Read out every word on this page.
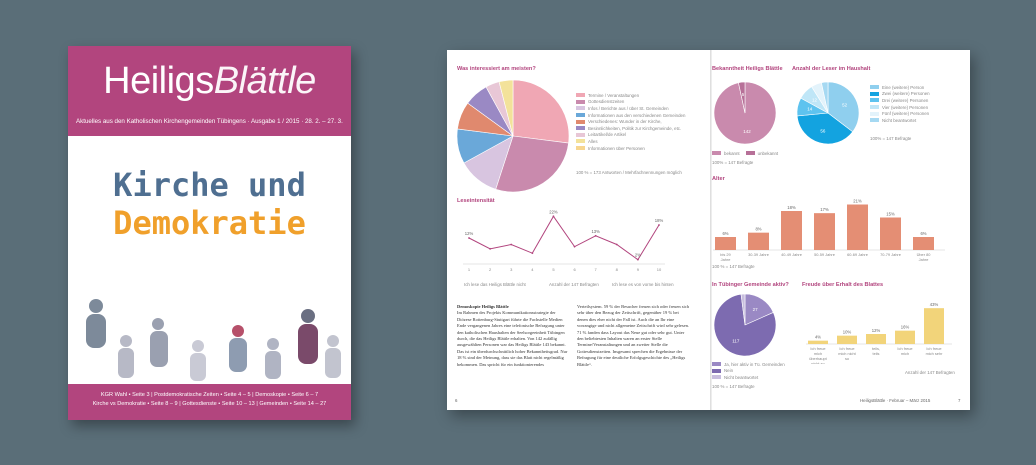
HeiligsBlättle
Aktuelles aus den Katholischen Kirchengemeinden Tübingens · Ausgabe 1 / 2015 · 28. 2. – 27. 3.
Kirche und
Demokratie
KGR Wahl • Seite 3 | Postdemokratische Zeiten • Seite 4 – 5 | Demoskopie • Seite 6 – 7
Kirche vs Demokratie • Seite 8 – 9 | Gottesdienste • Seite 10 – 13 | Gemeinden • Seite 14 – 27
Was interessiert am meisten?
Termine / Veranstaltungen
Gottesdienstzeiten
Infos / Berichte aus / über St. Gemeinden
Informationen aus den verschiedenen Gemeinden
Verschiedenes: Wunder in der Kirche,
Besinnlichkeiten, Politik zur Kirchgemeinde, etc.
Leitartikel/de Artikel
Alles
Informationen über Personen
100 % = 173 Antworten / Mehrfachnennungen möglich
Leseintensität
1
12%
2	3	4	5
22%
6	7
13%
8	9
2%
10
18%
Ich lese das Heiligs Blättle nicht	Anzahl der 147 Befragten	Ich lese es von vorne bis hinten
Demoskopie Heiligs Blättle
Im Rahmen des Projekts Kommunikationsstrategie der Diözese Rottenburg-Stuttgart führte die Fachstelle Medien Ende vergangenen Jahres eine telefonische Befragung unter den katholischen Haushalten der Seelsorgeeinheit Tübingen durch, die das Heiligs Blättle erhalten. Von 142 zufällig ausgewählten Personen war das Heiligs Blättle 143 bekannt. Das ist ein überdurchschnittlich hoher Bekanntheitsgrad. Nur 18 % sind der Meinung, dass sie das Blatt nicht regelmäßig bekommen. Das spricht für ein funktionierendes
Verteilsystem. 59 % der Besucher freuen sich oder freuen sich sehr über den Bezug der Zeitschrift, gegenüber 19 % bei denen dies eher nicht der Fall ist. Auch die an Ihr eine vorrangige und nicht allgemeine Zeitschrift wird sehr gelesen. 71 % fanden dass Layout das Neue gut oder sehr gut. Unter den beliebtesten Inhalten waren an erster Stelle Termine/Veranstaltungen und an zweiter Stelle die Gottesdienstzeiten. Insgesamt sprechen die Ergebnisse der Befragung für eine deutliche Erfolgsgeschichte des „Heiligs Blättle“.
6
Bekanntheit Heiligs Blättle
142
5
bekannt	unbekannt
100% = 147 Befragte
Anzahl der Leser im Haushalt
52
56
14
12
Eine (weitere) Person
Zwei (weitere) Personen
Drei (weitere) Personen
Vier (weitere) Personen
Fünf (weitere) Personen
Nicht beantwortet
100% = 147 Befragte
Alter
6%
bis 29
Jahre
8%
30-39 Jahre
18%
40-49 Jahre
17%
50-59 Jahre
21%
60-69 Jahre
15%
70-79 Jahre
6%
Über 80
Jahre
100 % = 147 Befragte
In Tübinger Gemeinde aktiv?
27
117
Ja, hier aktiv in Tü. Gemeinden
Nein
Nicht beantwortet
100 % = 147 Befragte
Freude über Erhalt des Blattes
4%
Ich freue
mich
überhaupt
nicht so
10%
Ich freue
mich nicht
so
12%
teils,
teils
16%
Ich freue
mich
43%
Ich freue
mich sehr
Anzahl der 147 Befragten
HeiligsBlättle · Februar – März 2015	7
